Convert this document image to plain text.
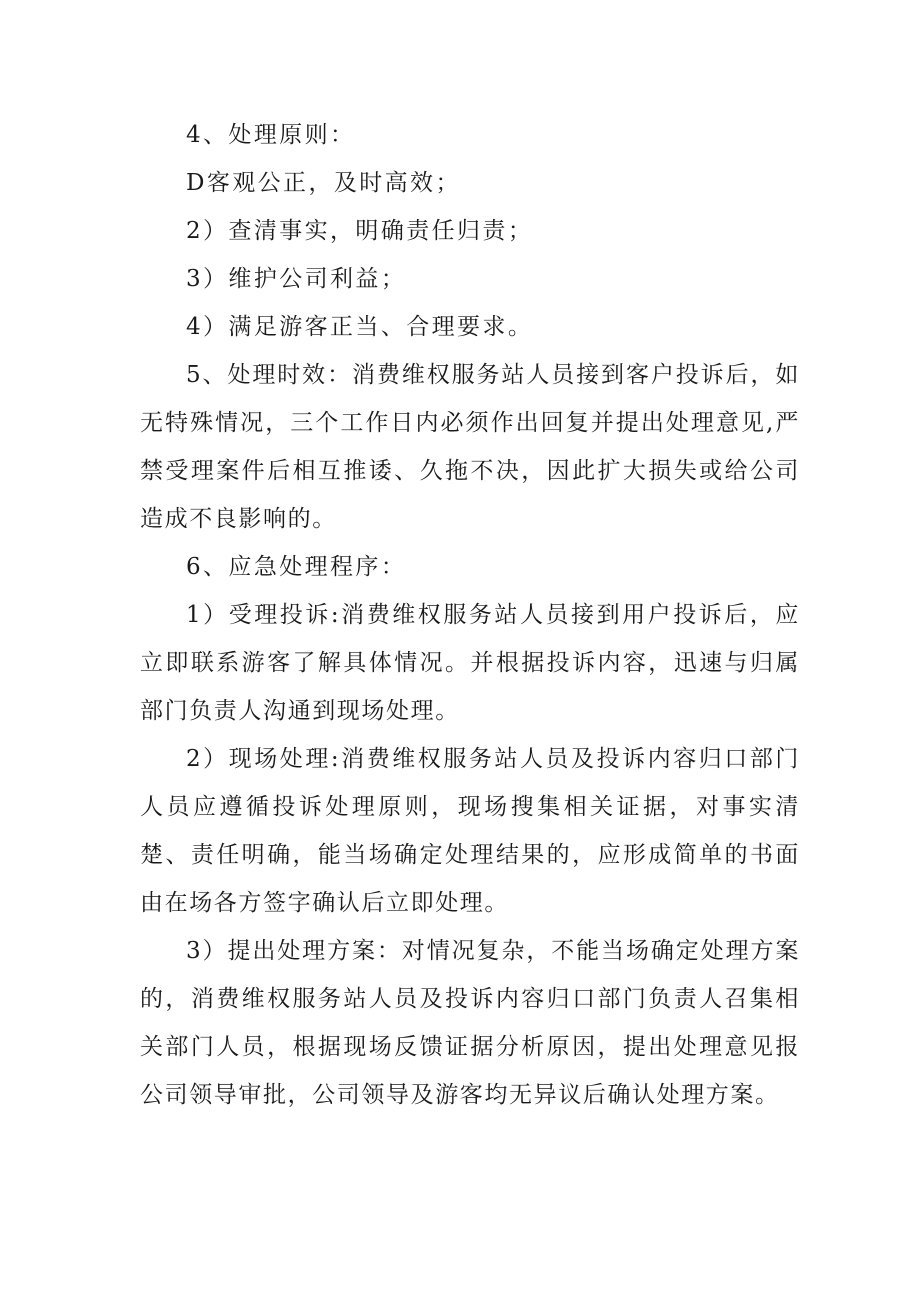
4、处理原则：

D客观公正，及时高效；

2）查清事实，明确责任归责；

3）维护公司利益；

4）满足游客正当、合理要求。

5、处理时效：消费维权服务站人员接到客户投诉后，如无特殊情况，三个工作日内必须作出回复并提出处理意见,严禁受理案件后相互推诿、久拖不决，因此扩大损失或给公司造成不良影响的。

6、应急处理程序：

1）受理投诉:消费维权服务站人员接到用户投诉后，应立即联系游客了解具体情况。并根据投诉内容，迅速与归属部门负责人沟通到现场处理。

2）现场处理:消费维权服务站人员及投诉内容归口部门人员应遵循投诉处理原则，现场搜集相关证据，对事实清楚、责任明确，能当场确定处理结果的，应形成简单的书面由在场各方签字确认后立即处理。

3）提出处理方案：对情况复杂，不能当场确定处理方案的，消费维权服务站人员及投诉内容归口部门负责人召集相关部门人员，根据现场反馈证据分析原因，提出处理意见报公司领导审批，公司领导及游客均无异议后确认处理方案。
